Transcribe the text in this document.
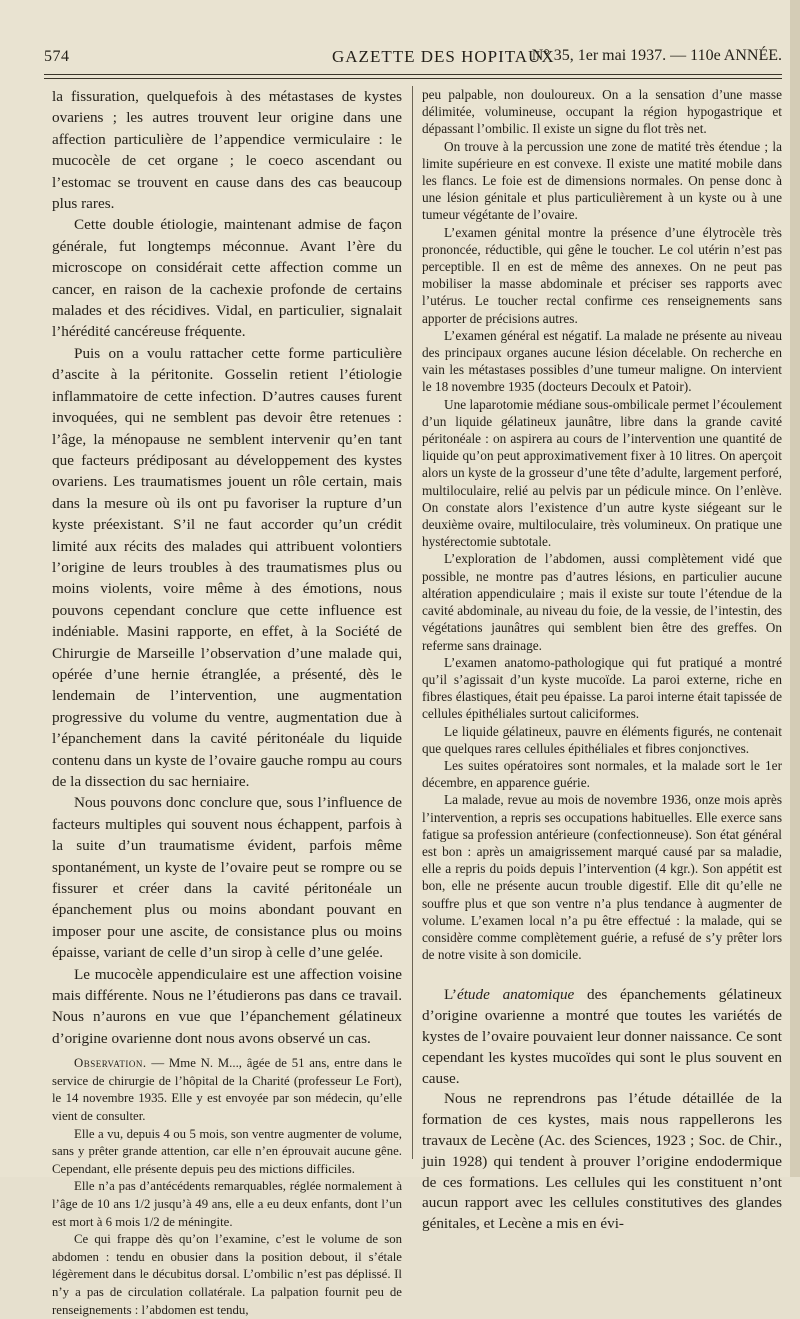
574	GAZETTE DES HOPITAUX
N° 35, 1er mai 1937. — 110e ANNÉE.

la fissuration, quelquefois à des métastases de kystes ovariens ; les autres trouvent leur origine dans une affection particulière de l’appendice vermiculaire : le mucocèle de cet organe ; le coeco ascendant ou l’estomac se trouvent en cause dans des cas beaucoup plus rares.

Cette double étiologie, maintenant admise de façon générale, fut longtemps méconnue. Avant l’ère du microscope on considérait cette affection comme un cancer, en raison de la cachexie profonde de certains malades et des récidives. Vidal, en particulier, signalait l’hérédité cancéreuse fréquente.

Puis on a voulu rattacher cette forme particulière d’ascite à la péritonite. Gosselin retient l’étiologie inflammatoire de cette infection. D’autres causes furent invoquées, qui ne semblent pas devoir être retenues : l’âge, la ménopause ne semblent intervenir qu’en tant que facteurs prédiposant au développement des kystes ovariens. Les traumatismes jouent un rôle certain, mais dans la mesure où ils ont pu favoriser la rupture d’un kyste préexistant. S’il ne faut accorder qu’un crédit limité aux récits des malades qui attribuent volontiers l’origine de leurs troubles à des traumatismes plus ou moins violents, voire même à des émotions, nous pouvons cependant conclure que cette influence est indéniable. Masini rapporte, en effet, à la Société de Chirurgie de Marseille l’observation d’une malade qui, opérée d’une hernie étranglée, a présenté, dès le lendemain de l’intervention, une augmentation progressive du volume du ventre, augmentation due à l’épanchement dans la cavité péritonéale du liquide contenu dans un kyste de l’ovaire gauche rompu au cours de la dissection du sac herniaire.

Nous pouvons donc conclure que, sous l’influence de facteurs multiples qui souvent nous échappent, parfois à la suite d’un traumatisme évident, parfois même spontanément, un kyste de l’ovaire peut se rompre ou se fissurer et créer dans la cavité péritonéale un épanchement plus ou moins abondant pouvant en imposer pour une ascite, de consistance plus ou moins épaisse, variant de celle d’un sirop à celle d’une gelée.

Le mucocèle appendiculaire est une affection voisine mais différente. Nous ne l’étudierons pas dans ce travail. Nous n’aurons en vue que l’épanchement gélatineux d’origine ovarienne dont nous avons observé un cas.

Observation. — Mme N. M..., âgée de 51 ans, entre dans le service de chirurgie de l’hôpital de la Charité (professeur Le Fort), le 14 novembre 1935. Elle y est envoyée par son médecin, qu’elle vient de consulter.

Elle a vu, depuis 4 ou 5 mois, son ventre augmenter de volume, sans y prêter grande attention, car elle n’en éprouvait aucune gêne. Cependant, elle présente depuis peu des mictions difficiles.

Elle n’a pas d’antécédents remarquables, réglée normalement à l’âge de 10 ans 1/2 jusqu’à 49 ans, elle a eu deux enfants, dont l’un est mort à 6 mois 1/2 de méningite.

Ce qui frappe dès qu’on l’examine, c’est le volume de son abdomen : tendu en obusier dans la position debout, il s’étale légèrement dans le décubitus dorsal. L’ombilic n’est pas déplissé. Il n’y a pas de circulation collatérale. La palpation fournit peu de renseignements : l’abdomen est tendu,

peu palpable, non douloureux. On a la sensation d’une masse délimitée, volumineuse, occupant la région hypogastrique et dépassant l’ombilic. Il existe un signe du flot très net.

On trouve à la percussion une zone de matité très étendue ; la limite supérieure en est convexe. Il existe une matité mobile dans les flancs. Le foie est de dimensions normales. On pense donc à une lésion génitale et plus particulièrement à un kyste ou à une tumeur végétante de l’ovaire.

L’examen génital montre la présence d’une élytrocèle très prononcée, réductible, qui gêne le toucher. Le col utérin n’est pas perceptible. Il en est de même des annexes. On ne peut pas mobiliser la masse abdominale et préciser ses rapports avec l’utérus. Le toucher rectal confirme ces renseignements sans apporter de précisions autres.

L’examen général est négatif. La malade ne présente au niveau des principaux organes aucune lésion décelable. On recherche en vain les métastases possibles d’une tumeur maligne. On intervient le 18 novembre 1935 (docteurs Decoulx et Patoir).

Une laparotomie médiane sous-ombilicale permet l’écoulement d’un liquide gélatineux jaunâtre, libre dans la grande cavité péritonéale : on aspirera au cours de l’intervention une quantité de liquide qu’on peut approximativement fixer à 10 litres. On aperçoit alors un kyste de la grosseur d’une tête d’adulte, largement perforé, multiloculaire, relié au pelvis par un pédicule mince. On l’enlève. On constate alors l’existence d’un autre kyste siégeant sur le deuxième ovaire, multiloculaire, très volumineux. On pratique une hystérectomie subtotale.

L’exploration de l’abdomen, aussi complètement vidé que possible, ne montre pas d’autres lésions, en particulier aucune altération appendiculaire ; mais il existe sur toute l’étendue de la cavité abdominale, au niveau du foie, de la vessie, de l’intestin, des végétations jaunâtres qui semblent bien être des greffes. On referme sans drainage.

L’examen anatomo-pathologique qui fut pratiqué a montré qu’il s’agissait d’un kyste mucoïde. La paroi externe, riche en fibres élastiques, était peu épaisse. La paroi interne était tapissée de cellules épithéliales surtout caliciformes.

Le liquide gélatineux, pauvre en éléments figurés, ne contenait que quelques rares cellules épithéliales et fibres conjonctives.

Les suites opératoires sont normales, et la malade sort le 1er décembre, en apparence guérie.

La malade, revue au mois de novembre 1936, onze mois après l’intervention, a repris ses occupations habituelles. Elle exerce sans fatigue sa profession antérieure (confectionneuse). Son état général est bon : après un amaigrissement marqué causé par sa maladie, elle a repris du poids depuis l’intervention (4 kgr.). Son appétit est bon, elle ne présente aucun trouble digestif. Elle dit qu’elle ne souffre plus et que son ventre n’a plus tendance à augmenter de volume. L’examen local n’a pu être effectué : la malade, qui se considère comme complètement guérie, a refusé de s’y prêter lors de notre visite à son domicile.

L’étude anatomique des épanchements gélatineux d’origine ovarienne a montré que toutes les variétés de kystes de l’ovaire pouvaient leur donner naissance. Ce sont cependant les kystes mucoïdes qui sont le plus souvent en cause.

Nous ne reprendrons pas l’étude détaillée de la formation de ces kystes, mais nous rappellerons les travaux de Lecène (Ac. des Sciences, 1923 ; Soc. de Chir., juin 1928) qui tendent à prouver l’origine endodermique de ces formations. Les cellules qui les constituent n’ont aucun rapport avec les cellules constitutives des glandes génitales, et Lecène a mis en évi-
